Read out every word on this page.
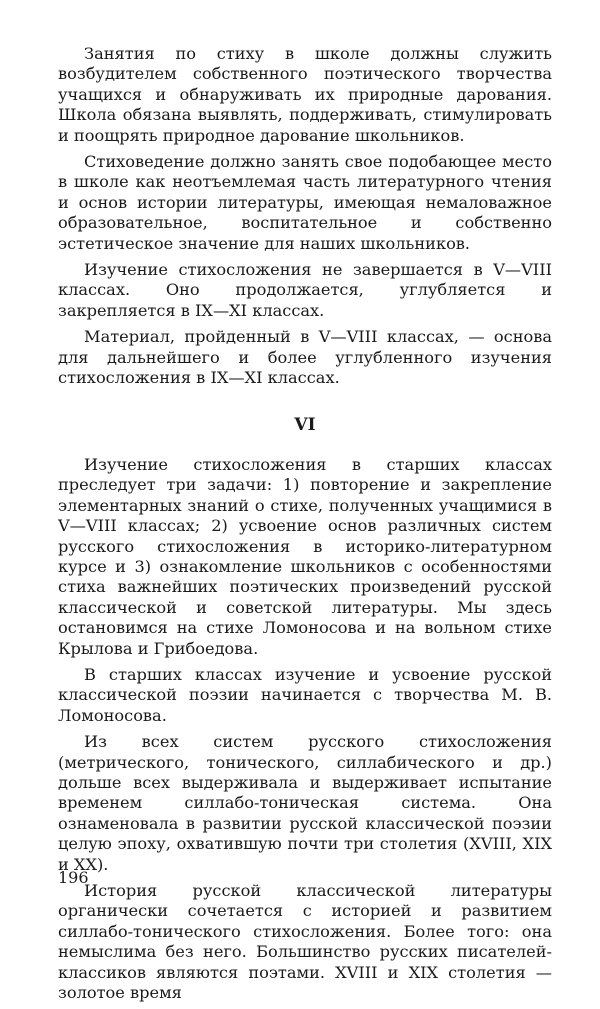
Занятия по стиху в школе должны служить возбудителем собственного поэтического творчества учащихся и обнаруживать их природные дарования. Школа обязана выявлять, поддерживать, стимулировать и поощрять природное дарование школьников.

Стиховедение должно занять свое подобающее место в школе как неотъемлемая часть литературного чтения и основ истории литературы, имеющая немаловажное образовательное, воспитательное и собственно эстетическое значение для наших школьников.

Изучение стихосложения не завершается в V—VIII классах. Оно продолжается, углубляется и закрепляется в IX—XI классах.

Материал, пройденный в V—VIII классах, — основа для дальнейшего и более углубленного изучения стихосложения в IX—XI классах.

VI

Изучение стихосложения в старших классах преследует три задачи: 1) повторение и закрепление элементарных знаний о стихе, полученных учащимися в V—VIII классах; 2) усвоение основ различных систем русского стихосложения в историко-литературном курсе и 3) ознакомление школьников с особенностями стиха важнейших поэтических произведений русской классической и советской литературы. Мы здесь остановимся на стихе Ломоносова и на вольном стихе Крылова и Грибоедова.

В старших классах изучение и усвоение русской классической поэзии начинается с творчества М. В. Ломоносова.

Из всех систем русского стихосложения (метрического, тонического, силлабического и др.) дольше всех выдерживала и выдерживает испытание временем силлабо-тоническая система. Она ознаменовала в развитии русской классической поэзии целую эпоху, охватившую почти три столетия (XVIII, XIX и XX).

История русской классической литературы органически сочетается с историей и развитием силлабо-тонического стихосложения. Более того: она немыслима без него. Большинство русских писателей-классиков являются поэтами. XVIII и XIX столетия — золотое время

196
